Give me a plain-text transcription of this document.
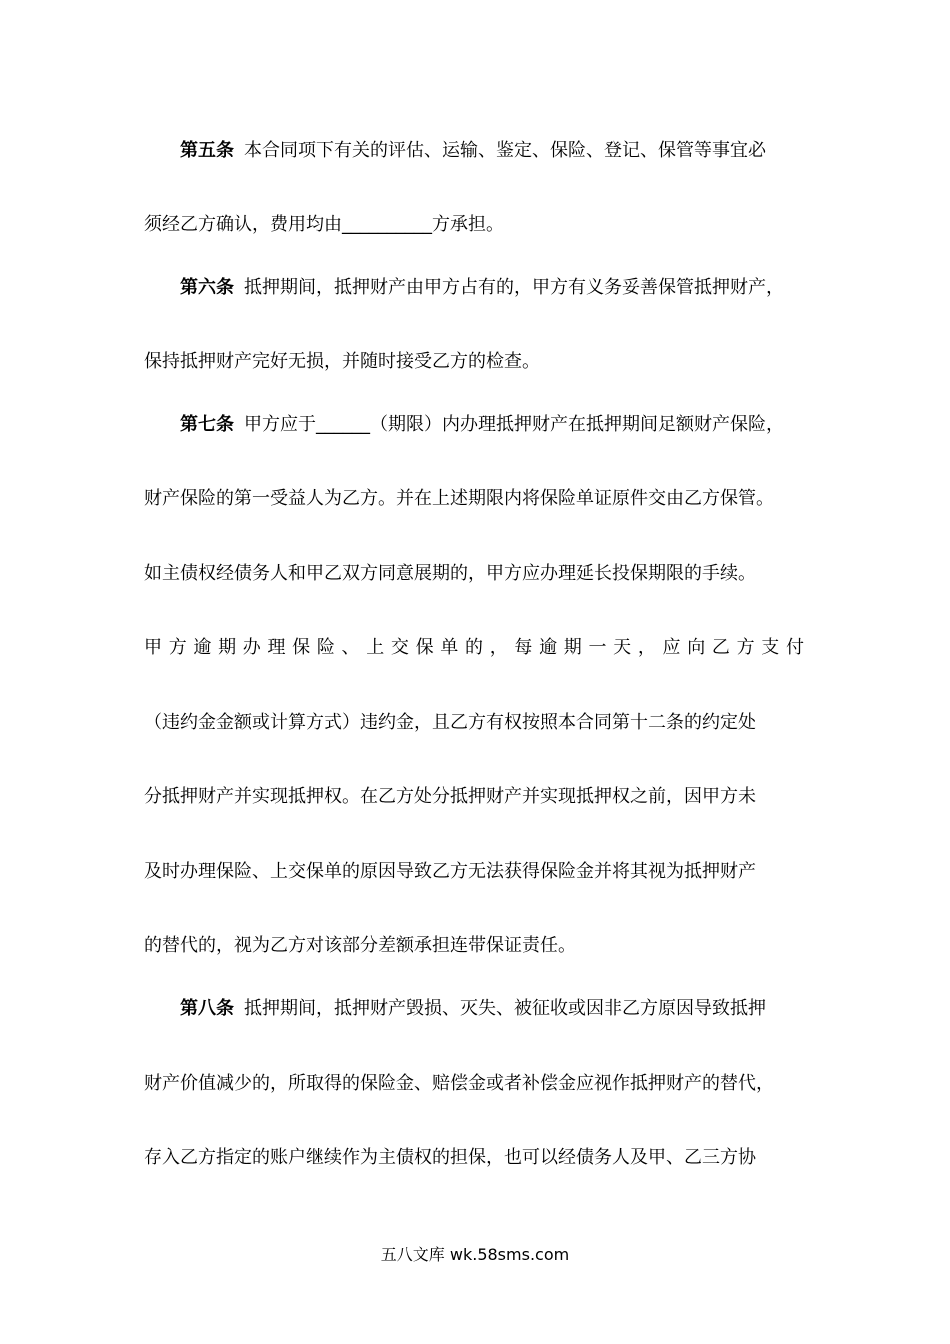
第五条 本合同项下有关的评估、运输、鉴定、保险、登记、保管等事宜必
须经乙方确认，费用均由__________方承担。
第六条 抵押期间，抵押财产由甲方占有的，甲方有义务妥善保管抵押财产，
保持抵押财产完好无损，并随时接受乙方的检查。
第七条 甲方应于______（期限）内办理抵押财产在抵押期间足额财产保险，
财产保险的第一受益人为乙方。并在上述期限内将保险单证原件交由乙方保管。
如主债权经债务人和甲乙双方同意展期的，甲方应办理延长投保期限的手续。
甲方逾期办理保险、上交保单的，每逾期一天，应向乙方支付
（违约金金额或计算方式）违约金，且乙方有权按照本合同第十二条的约定处
分抵押财产并实现抵押权。在乙方处分抵押财产并实现抵押权之前，因甲方未
及时办理保险、上交保单的原因导致乙方无法获得保险金并将其视为抵押财产
的替代的，视为乙方对该部分差额承担连带保证责任。
第八条 抵押期间，抵押财产毁损、灭失、被征收或因非乙方原因导致抵押
财产价值减少的，所取得的保险金、赔偿金或者补偿金应视作抵押财产的替代，
存入乙方指定的账户继续作为主债权的担保，也可以经债务人及甲、乙三方协
五八文库 wk.58sms.com
